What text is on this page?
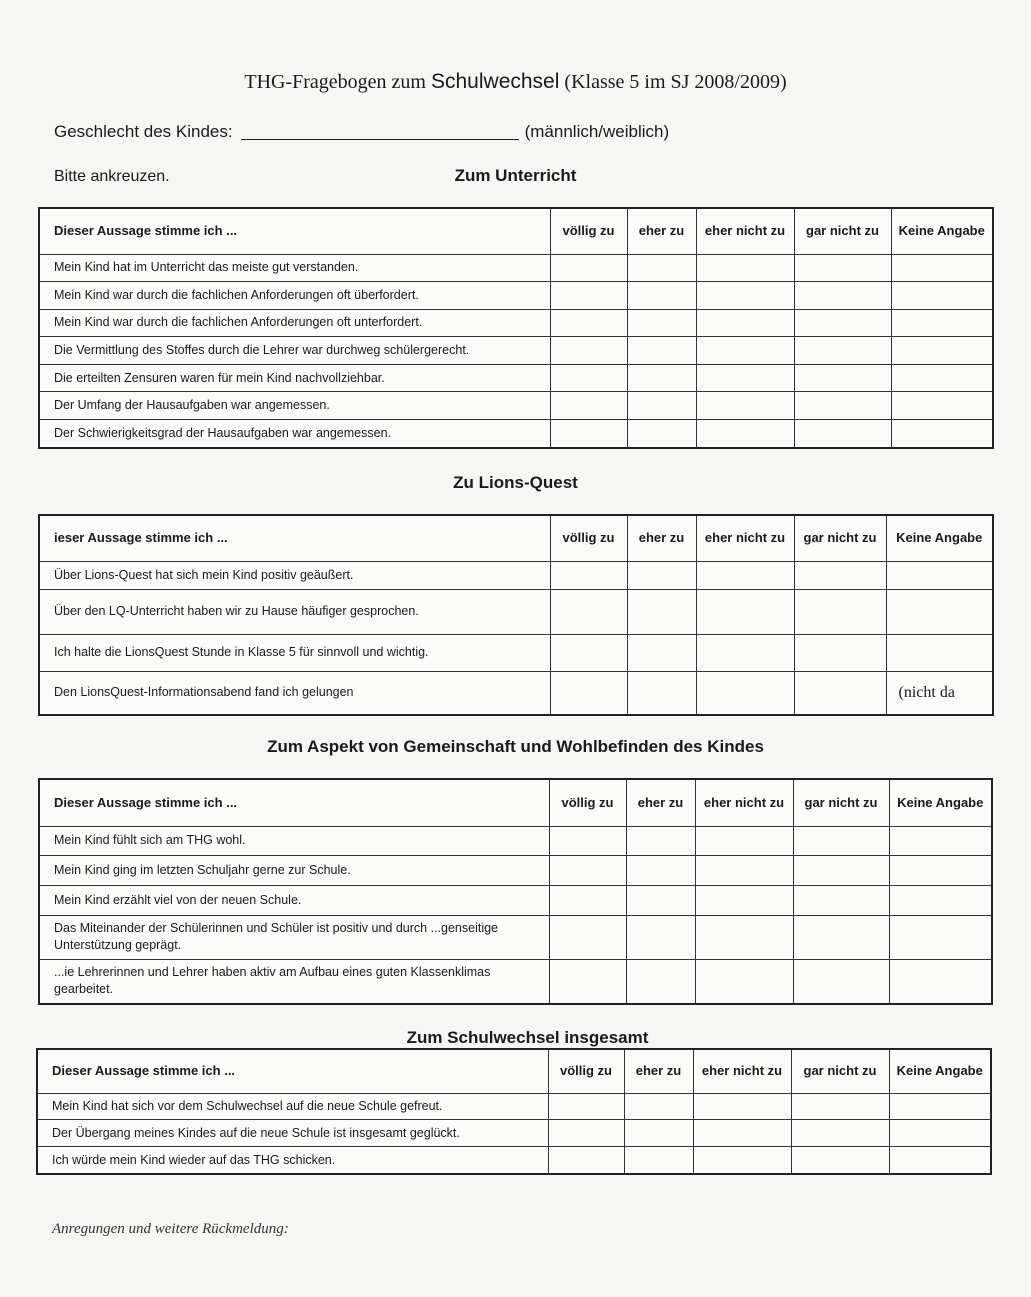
THG-Fragebogen zum Schulwechsel (Klasse 5 im SJ 2008/2009)
Geschlecht des Kindes:	(männlich/weiblich)
Bitte ankreuzen.	Zum Unterricht
Dieser Aussage stimme ich ...	völlig zu	eher zu	eher nicht zu	gar nicht zu	Keine Angabe
Mein Kind hat im Unterricht das meiste gut verstanden.					
Mein Kind war durch die fachlichen Anforderungen oft überfordert.					
Mein Kind war durch die fachlichen Anforderungen oft unterfordert.					
Die Vermittlung des Stoffes durch die Lehrer war durchweg schülergerecht.					
Die erteilten Zensuren waren für mein Kind nachvollziehbar.					
Der Umfang der Hausaufgaben war angemessen.					
Der Schwierigkeitsgrad der Hausaufgaben war angemessen.					
Zu Lions-Quest
ieser Aussage stimme ich ...	völlig zu	eher zu	eher nicht zu	gar nicht zu	Keine Angabe
Über Lions-Quest hat sich mein Kind positiv geäußert.					
Über den LQ-Unterricht haben wir zu Hause häufiger gesprochen.					
Ich halte die LionsQuest Stunde in Klasse 5 für sinnvoll und wichtig.					
Den LionsQuest-Informationsabend fand ich gelungen					(nicht da
Zum Aspekt von Gemeinschaft und Wohlbefinden des Kindes
Dieser Aussage stimme ich ...	völlig zu	eher zu	eher nicht zu	gar nicht zu	Keine Angabe
Mein Kind fühlt sich am THG wohl.					
Mein Kind ging im letzten Schuljahr gerne zur Schule.					
Mein Kind erzählt viel von der neuen Schule.					
Das Miteinander der Schülerinnen und Schüler ist positiv und durch ...genseitige Unterstützung geprägt.					
...ie Lehrerinnen und Lehrer haben aktiv am Aufbau eines guten Klassenklimas gearbeitet.					
Zum Schulwechsel insgesamt
Dieser Aussage stimme ich ...	völlig zu	eher zu	eher nicht zu	gar nicht zu	Keine Angabe
Mein Kind hat sich vor dem Schulwechsel auf die neue Schule gefreut.					
Der Übergang meines Kindes auf die neue Schule ist insgesamt geglückt.					
Ich würde mein Kind wieder auf das THG schicken.					
Anregungen und weitere Rückmeldung:
